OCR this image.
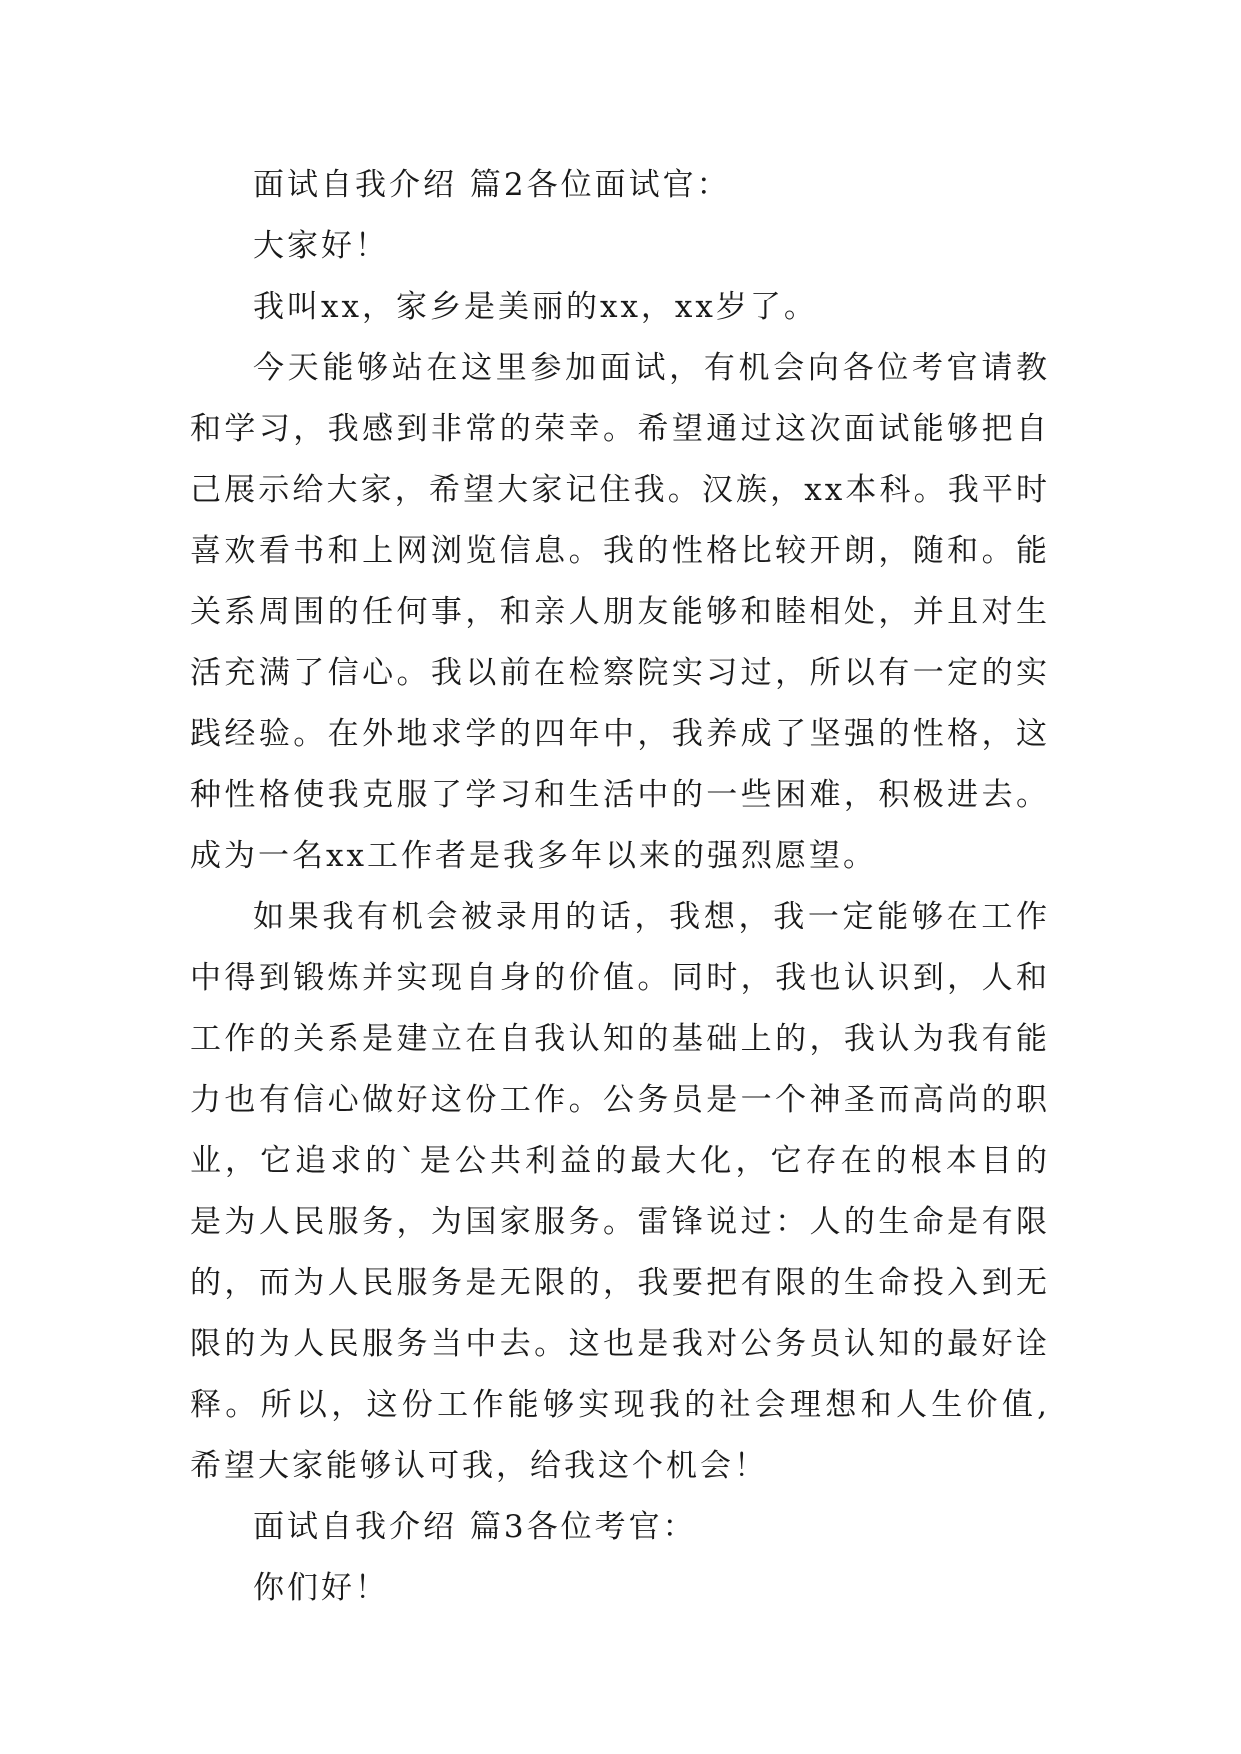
面试自我介绍 篇2各位面试官：

大家好！

我叫xx，家乡是美丽的xx，xx岁了。

今天能够站在这里参加面试，有机会向各位考官请教和学习，我感到非常的荣幸。希望通过这次面试能够把自己展示给大家，希望大家记住我。汉族，xx本科。我平时喜欢看书和上网浏览信息。我的性格比较开朗，随和。能关系周围的任何事，和亲人朋友能够和睦相处，并且对生活充满了信心。我以前在检察院实习过，所以有一定的实践经验。在外地求学的四年中，我养成了坚强的性格，这种性格使我克服了学习和生活中的一些困难，积极进去。成为一名xx工作者是我多年以来的强烈愿望。

如果我有机会被录用的话，我想，我一定能够在工作中得到锻炼并实现自身的价值。同时，我也认识到，人和工作的关系是建立在自我认知的基础上的，我认为我有能力也有信心做好这份工作。公务员是一个神圣而高尚的职业，它追求的`是公共利益的最大化，它存在的根本目的是为人民服务，为国家服务。雷锋说过：人的生命是有限的，而为人民服务是无限的，我要把有限的生命投入到无限的为人民服务当中去。这也是我对公务员认知的最好诠释。所以，这份工作能够实现我的社会理想和人生价值,希望大家能够认可我，给我这个机会！

面试自我介绍 篇3各位考官：

你们好！
